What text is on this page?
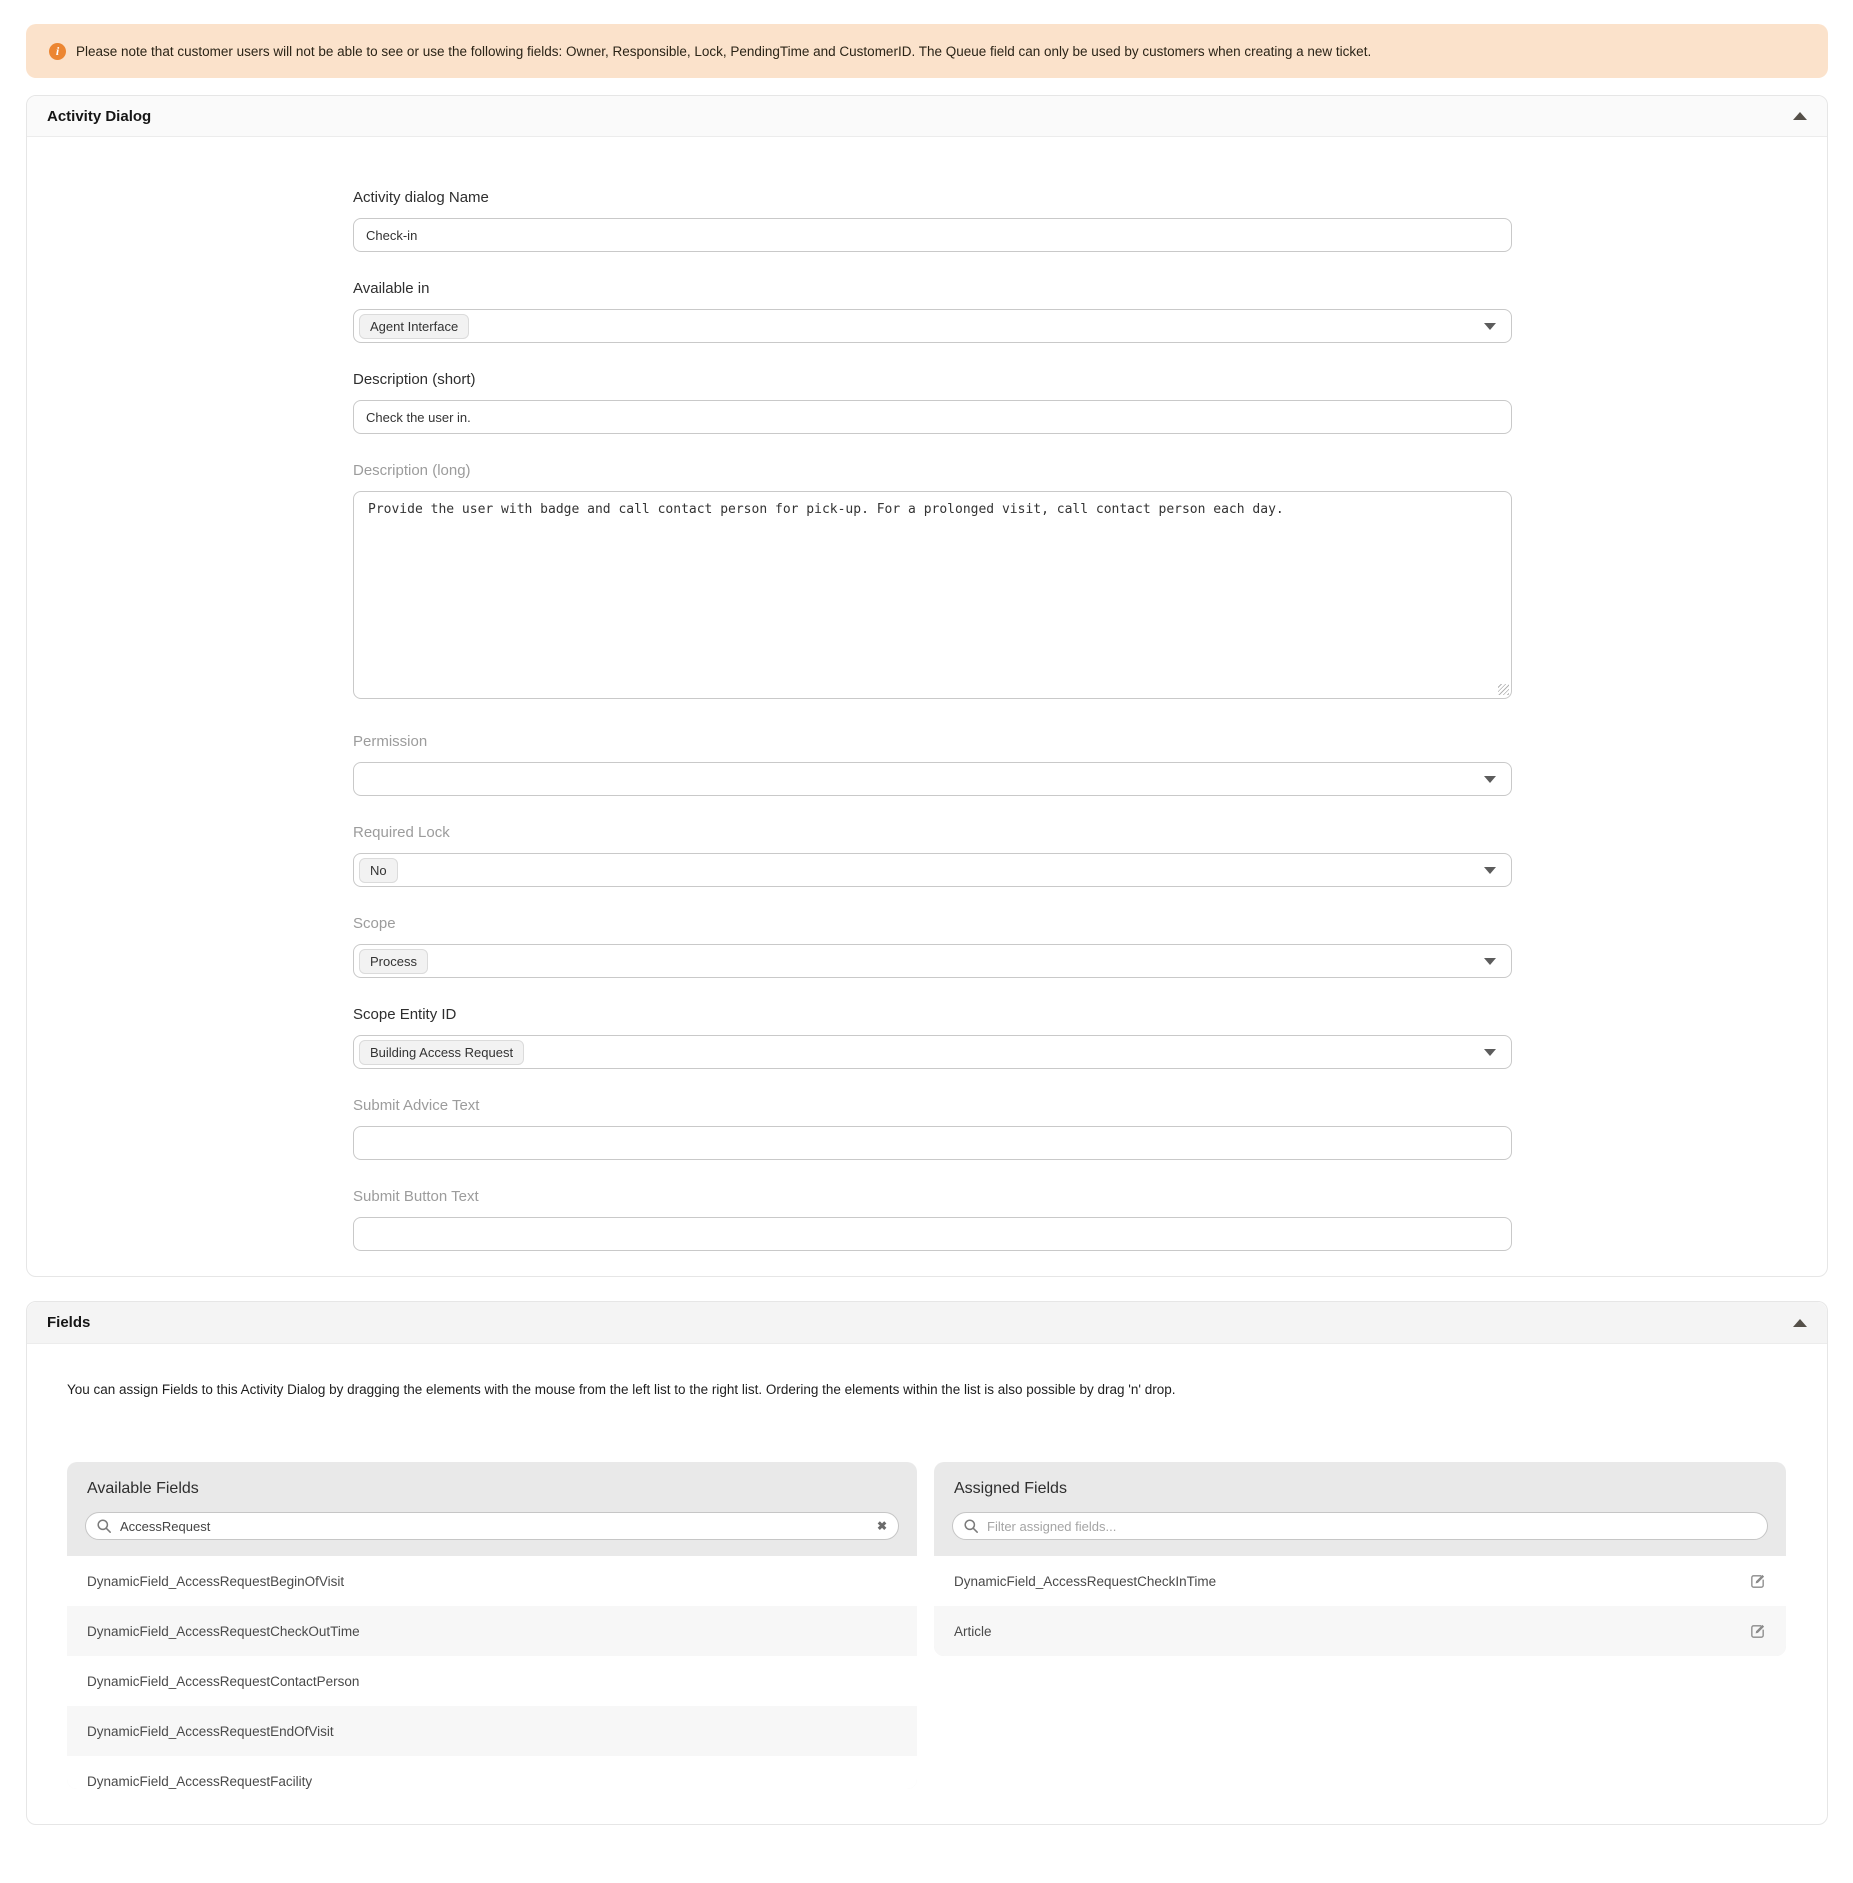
i	Please note that customer users will not be able to see or use the following fields: Owner, Responsible, Lock, PendingTime and CustomerID. The Queue field can only be used by customers when creating a new ticket.
Activity Dialog
Activity dialog Name
Check-in
Available in
Agent Interface
Description (short)
Check the user in.
Description (long)
Provide the user with badge and call contact person for pick-up. For a prolonged visit, call contact person each day.
Permission
Required Lock
No
Scope
Process
Scope Entity ID
Building Access Request
Submit Advice Text
Submit Button Text
Fields

You can assign Fields to this Activity Dialog by dragging the elements with the mouse from the left list to the right list. Ordering the elements within the list is also possible by drag 'n' drop.

Available Fields
AccessRequest
✖
DynamicField_AccessRequestBeginOfVisit
DynamicField_AccessRequestCheckOutTime
DynamicField_AccessRequestContactPerson
DynamicField_AccessRequestEndOfVisit
DynamicField_AccessRequestFacility
Assigned Fields
Filter assigned fields...
DynamicField_AccessRequestCheckInTime
Article
